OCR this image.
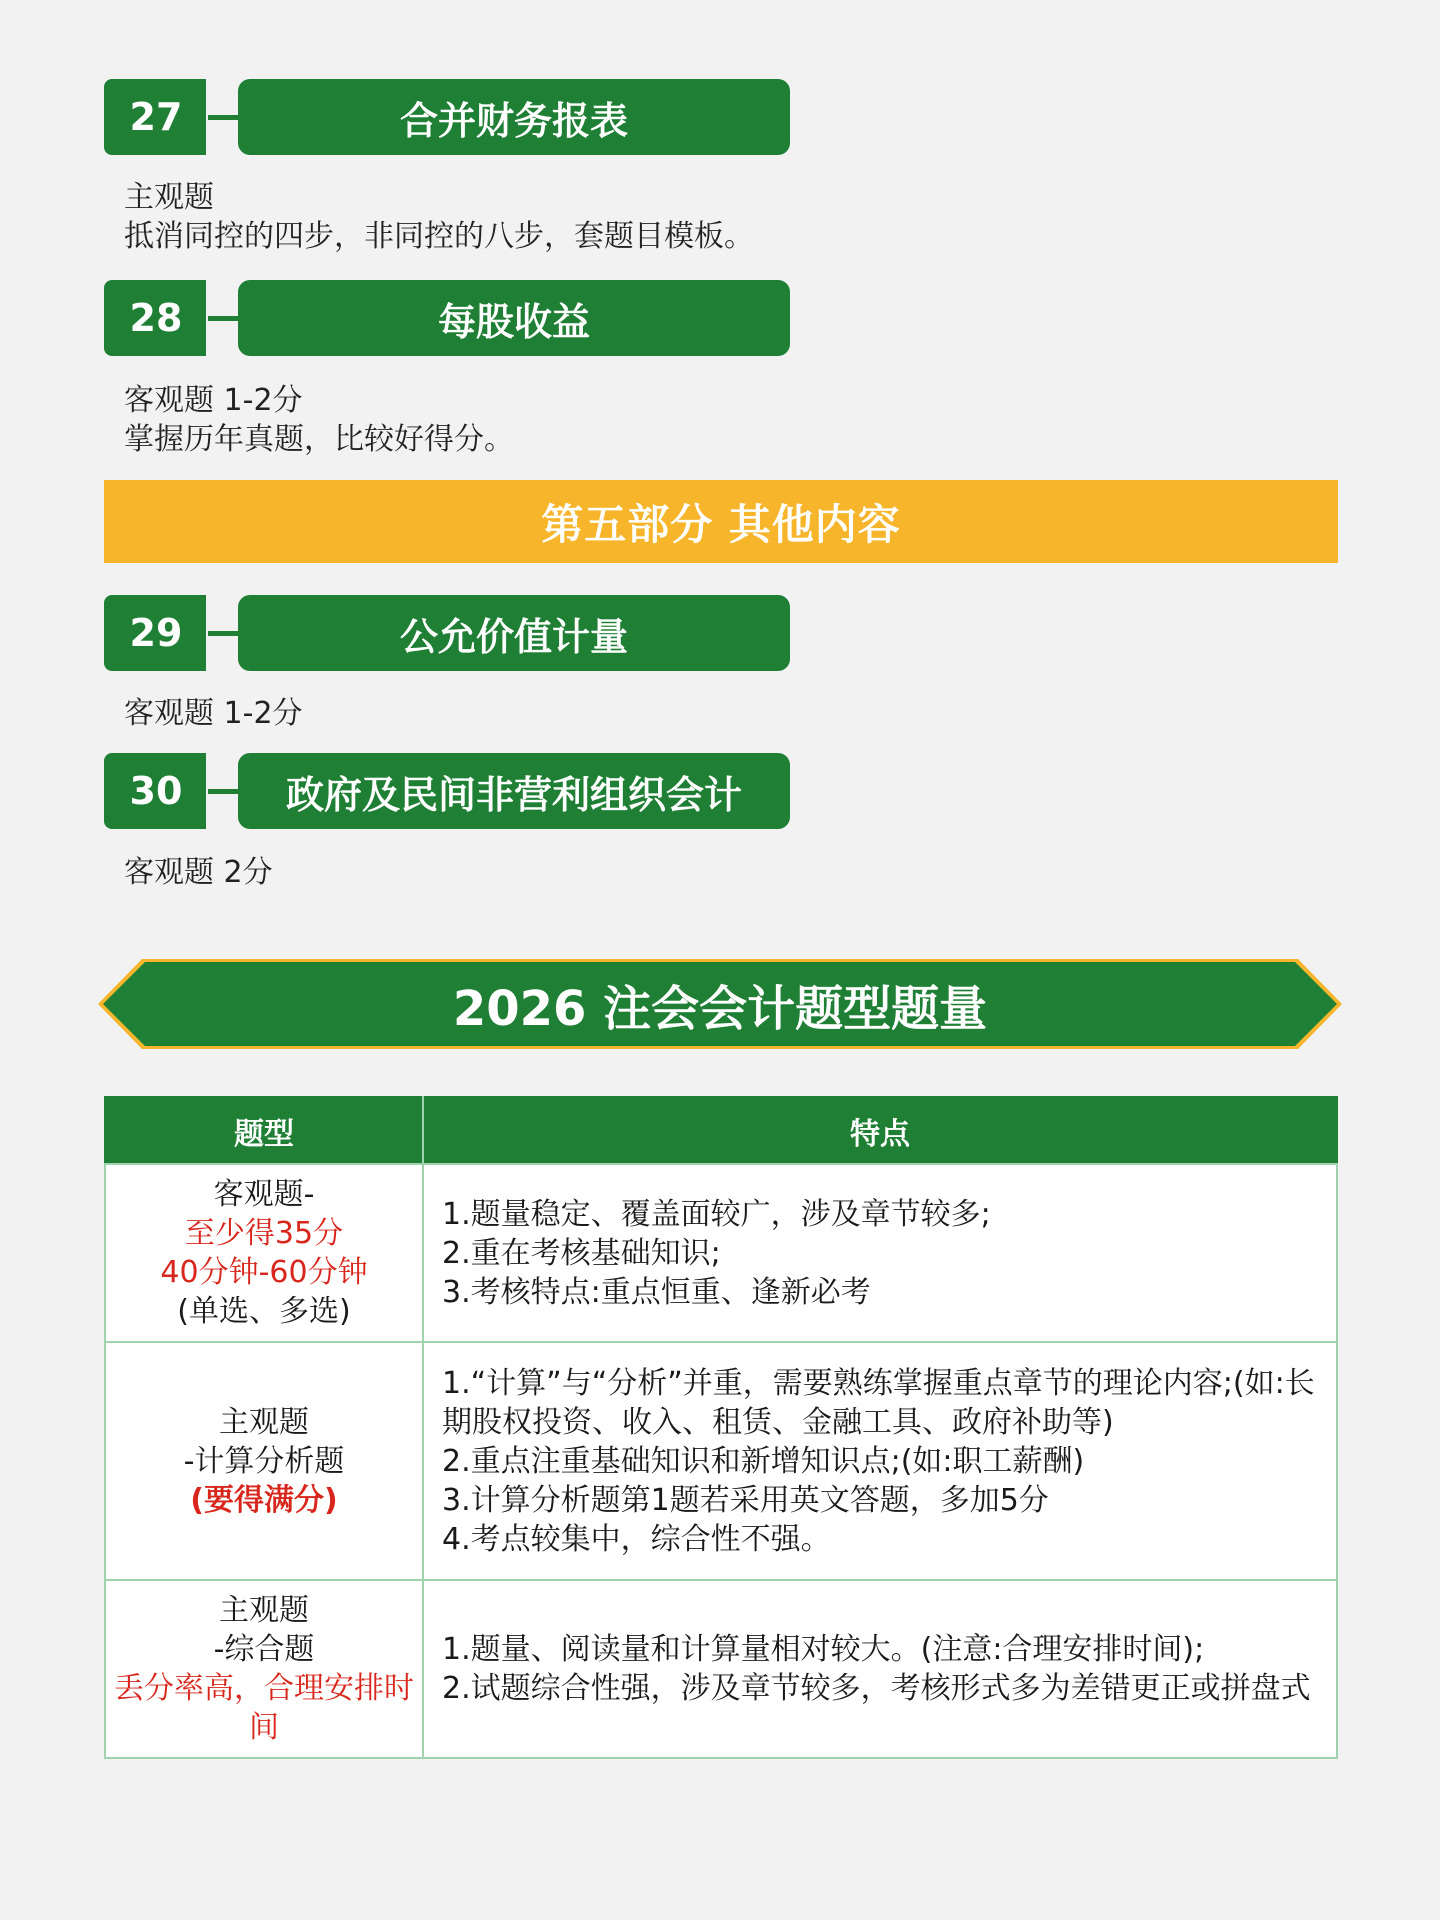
27	合并财务报表
主观题
抵消同控的四步，非同控的八步，套题目模板。
28	每股收益
客观题 1-2分
掌握历年真题，比较好得分。
第五部分 其他内容
29	公允价值计量
客观题 1-2分
30	政府及民间非营利组织会计
客观题 2分
2026 注会会计题型题量
题型	特点

客观题-
至少得35分
40分钟-60分钟
(单选、多选)	1.题量稳定、覆盖面较广，涉及章节较多;
2.重在考核基础知识;
3.考核特点:重点恒重、逢新必考

主观题
-计算分析题
(要得满分)	1.“计算”与“分析”并重，需要熟练掌握重点章节的理论内容;(如:长期股权投资、收入、租赁、金融工具、政府补助等)
2.重点注重基础知识和新增知识点;(如:职工薪酬)
3.计算分析题第1题若采用英文答题，多加5分
4.考点较集中，综合性不强。

主观题
-综合题
丢分率高，合理安排时间	1.题量、阅读量和计算量相对较大。(注意:合理安排时间);
2.试题综合性强，涉及章节较多，考核形式多为差错更正或拼盘式
